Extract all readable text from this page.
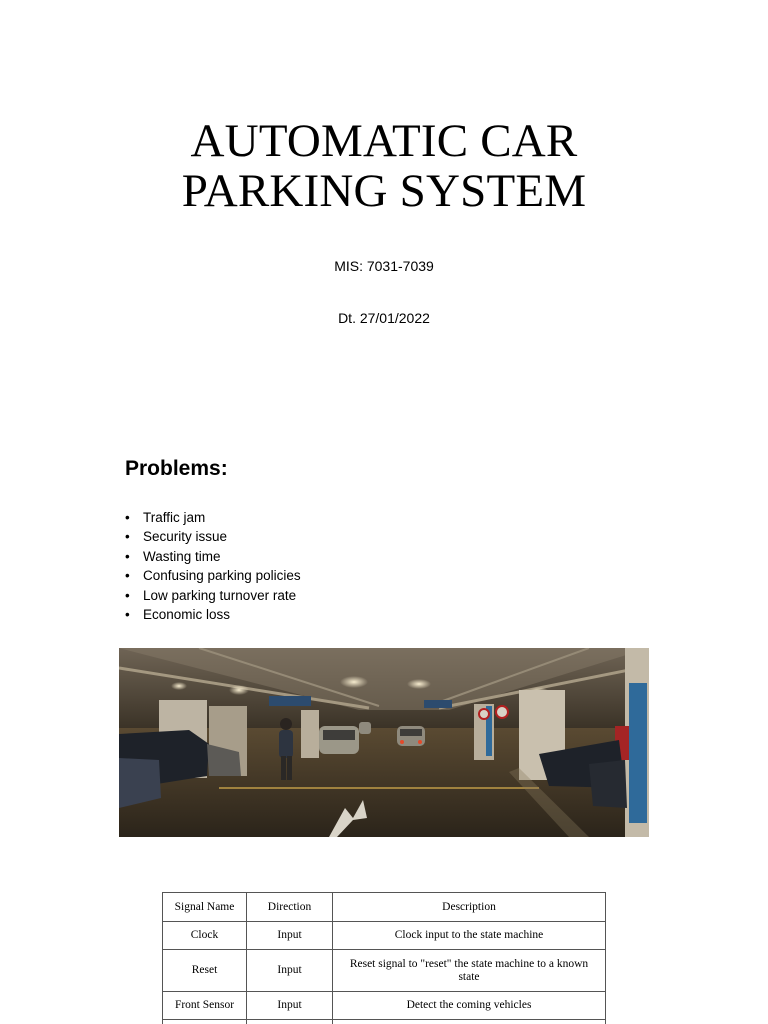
AUTOMATIC CAR
PARKING SYSTEM
MIS: 7031-7039
Dt. 27/01/2022
Problems:
• Traffic jam
• Security issue
• Wasting time
• Confusing parking policies
• Low parking turnover rate
• Economic loss
Signal Name	Direction	Description
Clock	Input	Clock input to the state machine
Reset	Input	Reset signal to "reset" the state machine to a known state
Front Sensor	Input	Detect the coming vehicles
